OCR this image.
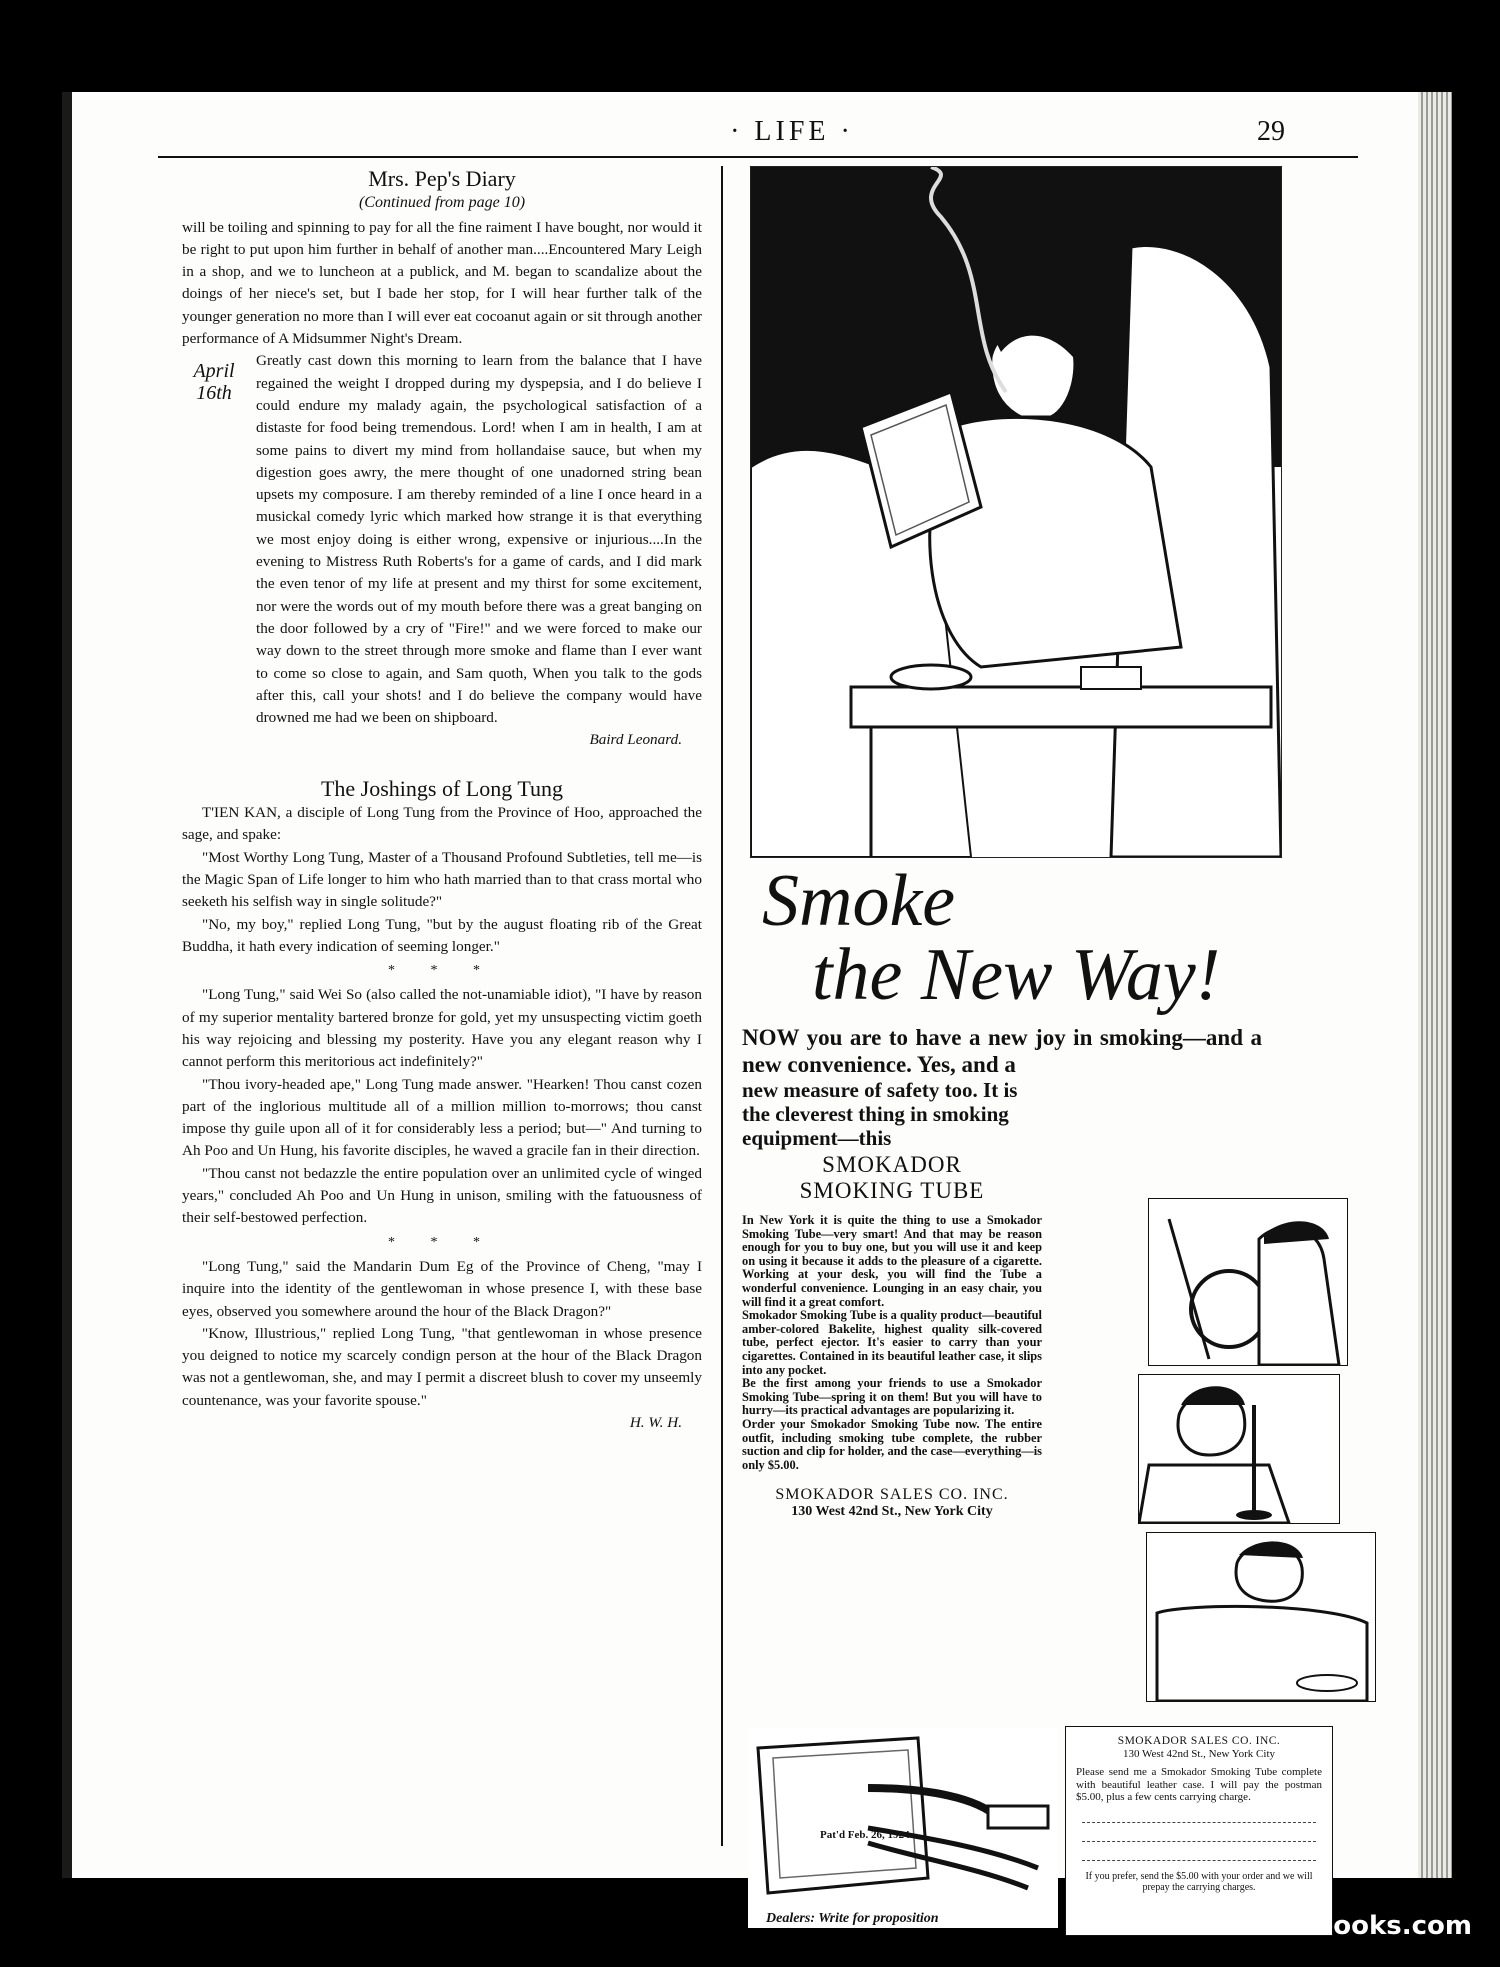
· LIFE ·	29
Mrs. Pep's Diary
(Continued from page 10)

will be toiling and spinning to pay for all the fine raiment I have bought, nor would it be right to put upon him further in behalf of another man....Encountered Mary Leigh in a shop, and we to luncheon at a publick, and M. began to scandalize about the doings of her niece's set, but I bade her stop, for I will hear further talk of the younger generation no more than I will ever eat cocoanut again or sit through another performance of A Midsummer Night's Dream.

April 16th

Greatly cast down this morning to learn from the balance that I have regained the weight I dropped during my dyspepsia, and I do believe I could endure my malady again, the psychological satisfaction of a distaste for food being tremendous. Lord! when I am in health, I am at some pains to divert my mind from hollandaise sauce, but when my digestion goes awry, the mere thought of one unadorned string bean upsets my composure. I am thereby reminded of a line I once heard in a musickal comedy lyric which marked how strange it is that everything we most enjoy doing is either wrong, expensive or injurious....In the evening to Mistress Ruth Roberts's for a game of cards, and I did mark the even tenor of my life at present and my thirst for some excitement, nor were the words out of my mouth before there was a great banging on the door followed by a cry of "Fire!" and we were forced to make our way down to the street through more smoke and flame than I ever want to come so close to again, and Sam quoth, When you talk to the gods after this, call your shots! and I do believe the company would have drowned me had we been on shipboard.

Baird Leonard.
The Joshings of Long Tung

T'IEN KAN, a disciple of Long Tung from the Province of Hoo, approached the sage, and spake:

"Most Worthy Long Tung, Master of a Thousand Profound Subtleties, tell me—is the Magic Span of Life longer to him who hath married than to that crass mortal who seeketh his selfish way in single solitude?"

"No, my boy," replied Long Tung, "but by the august floating rib of the Great Buddha, it hath every indication of seeming longer."

* * *

"Long Tung," said Wei So (also called the not-unamiable idiot), "I have by reason of my superior mentality bartered bronze for gold, yet my unsuspecting victim goeth his way rejoicing and blessing my posterity. Have you any elegant reason why I cannot perform this meritorious act indefinitely?"

"Thou ivory-headed ape," Long Tung made answer. "Hearken! Thou canst cozen part of the inglorious multitude all of a million million to-morrows; thou canst impose thy guile upon all of it for considerably less a period; but—" And turning to Ah Poo and Un Hung, his favorite disciples, he waved a gracile fan in their direction.

"Thou canst not bedazzle the entire population over an unlimited cycle of winged years," concluded Ah Poo and Un Hung in unison, smiling with the fatuousness of their self-bestowed perfection.

* * *

"Long Tung," said the Mandarin Dum Eg of the Province of Cheng, "may I inquire into the identity of the gentlewoman in whose presence I, with these base eyes, observed you somewhere around the hour of the Black Dragon?"

"Know, Illustrious," replied Long Tung, "that gentlewoman in whose presence you deigned to notice my scarcely condign person at the hour of the Black Dragon was not a gentlewoman, she, and may I permit a discreet blush to cover my unseemly countenance, was your favorite spouse."

H. W. H.
Smoke
the New Way!
NOW you are to have a new joy in smoking—and a new convenience. Yes, and a
new measure of safety too. It is the cleverest thing in smoking equipment—this
SMOKADOR
SMOKING TUBE

In New York it is quite the thing to use a Smokador Smoking Tube—very smart! And that may be reason enough for you to buy one, but you will use it and keep on using it because it adds to the pleasure of a cigarette. Working at your desk, you will find the Tube a wonderful convenience. Lounging in an easy chair, you will find it a great comfort.

Smokador Smoking Tube is a quality product—beautiful amber-colored Bakelite, highest quality silk-covered tube, perfect ejector. It's easier to carry than your cigarettes. Contained in its beautiful leather case, it slips into any pocket.

Be the first among your friends to use a Smokador Smoking Tube—spring it on them! But you will have to hurry—its practical advantages are popularizing it.

Order your Smokador Smoking Tube now. The entire outfit, including smoking tube complete, the rubber suction and clip for holder, and the case—everything—is only $5.00.

SMOKADOR SALES CO. INC.
130 West 42nd St., New York City
Pat'd Feb. 26, 1924
Dealers: Write for proposition
SMOKADOR SALES CO. INC.
130 West 42nd St., New York City
Please send me a Smokador Smoking Tube complete with beautiful leather case. I will pay the postman $5.00, plus a few cents carrying charge.
If you prefer, send the $5.00 with your order and we will prepay the carrying charges.
comicbooks.com
